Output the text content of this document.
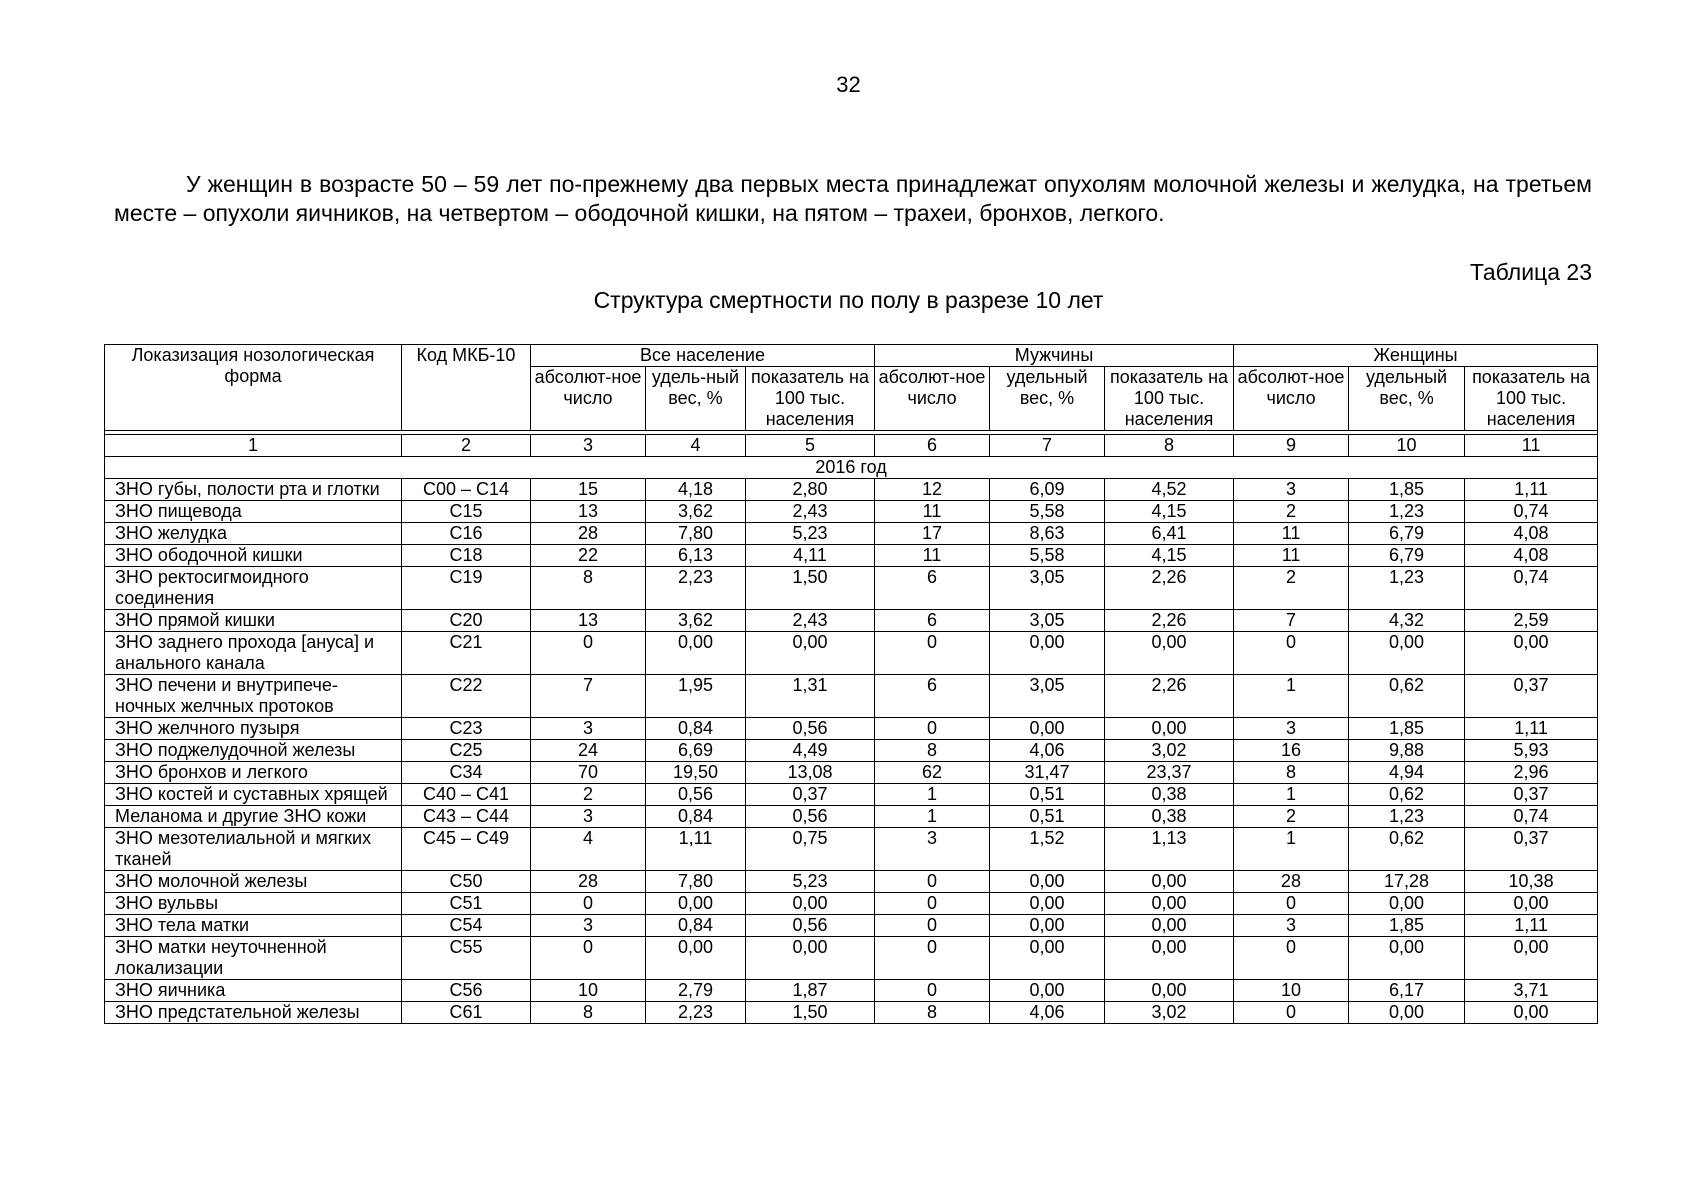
32

У женщин в возрасте 50 – 59 лет по-прежнему два первых места принадлежат опухолям молочной железы и желудка, на третьем месте – опухоли яичников, на четвертом – ободочной кишки, на пятом – трахеи, бронхов, легкого.

Таблица 23
Структура смертности по полу в разрезе 10 лет
Локазизация нозологическая форма	Код МКБ-10	Все население			Мужчины			Женщины		
		абсолют-ное число	удель-ный вес, %	показатель на 100 тыс. населения	абсолют-ное число	удельный вес, %	показатель на 100 тыс. населения	абсолют-ное число	удельный вес, %	показатель на 100 тыс. населения

1	2	3	4	5	6	7	8	9	10	11
2016 год										
ЗНО губы, полости рта и глотки	С00 – С14	15	4,18	2,80	12	6,09	4,52	3	1,85	1,11
ЗНО пищевода	С15	13	3,62	2,43	11	5,58	4,15	2	1,23	0,74
ЗНО желудка	С16	28	7,80	5,23	17	8,63	6,41	11	6,79	4,08
ЗНО ободочной кишки	С18	22	6,13	4,11	11	5,58	4,15	11	6,79	4,08
ЗНО ректосигмоидного соединения	С19	8	2,23	1,50	6	3,05	2,26	2	1,23	0,74
ЗНО прямой кишки	С20	13	3,62	2,43	6	3,05	2,26	7	4,32	2,59
ЗНО заднего прохода [ануса] и анального канала	С21	0	0,00	0,00	0	0,00	0,00	0	0,00	0,00
ЗНО печени и внутрипече-ночных желчных протоков	С22	7	1,95	1,31	6	3,05	2,26	1	0,62	0,37
ЗНО желчного пузыря	С23	3	0,84	0,56	0	0,00	0,00	3	1,85	1,11
ЗНО поджелудочной железы	С25	24	6,69	4,49	8	4,06	3,02	16	9,88	5,93
ЗНО бронхов и легкого	С34	70	19,50	13,08	62	31,47	23,37	8	4,94	2,96
ЗНО костей и суставных хрящей	С40 – С41	2	0,56	0,37	1	0,51	0,38	1	0,62	0,37
Меланома и другие ЗНО кожи	С43 – С44	3	0,84	0,56	1	0,51	0,38	2	1,23	0,74
ЗНО мезотелиальной и мягких тканей	С45 – С49	4	1,11	0,75	3	1,52	1,13	1	0,62	0,37
ЗНО молочной железы	С50	28	7,80	5,23	0	0,00	0,00	28	17,28	10,38
ЗНО вульвы	С51	0	0,00	0,00	0	0,00	0,00	0	0,00	0,00
ЗНО тела матки	С54	3	0,84	0,56	0	0,00	0,00	3	1,85	1,11
ЗНО матки неуточненной локализации	С55	0	0,00	0,00	0	0,00	0,00	0	0,00	0,00
ЗНО яичника	С56	10	2,79	1,87	0	0,00	0,00	10	6,17	3,71
ЗНО предстательной железы	С61	8	2,23	1,50	8	4,06	3,02	0	0,00	0,00
